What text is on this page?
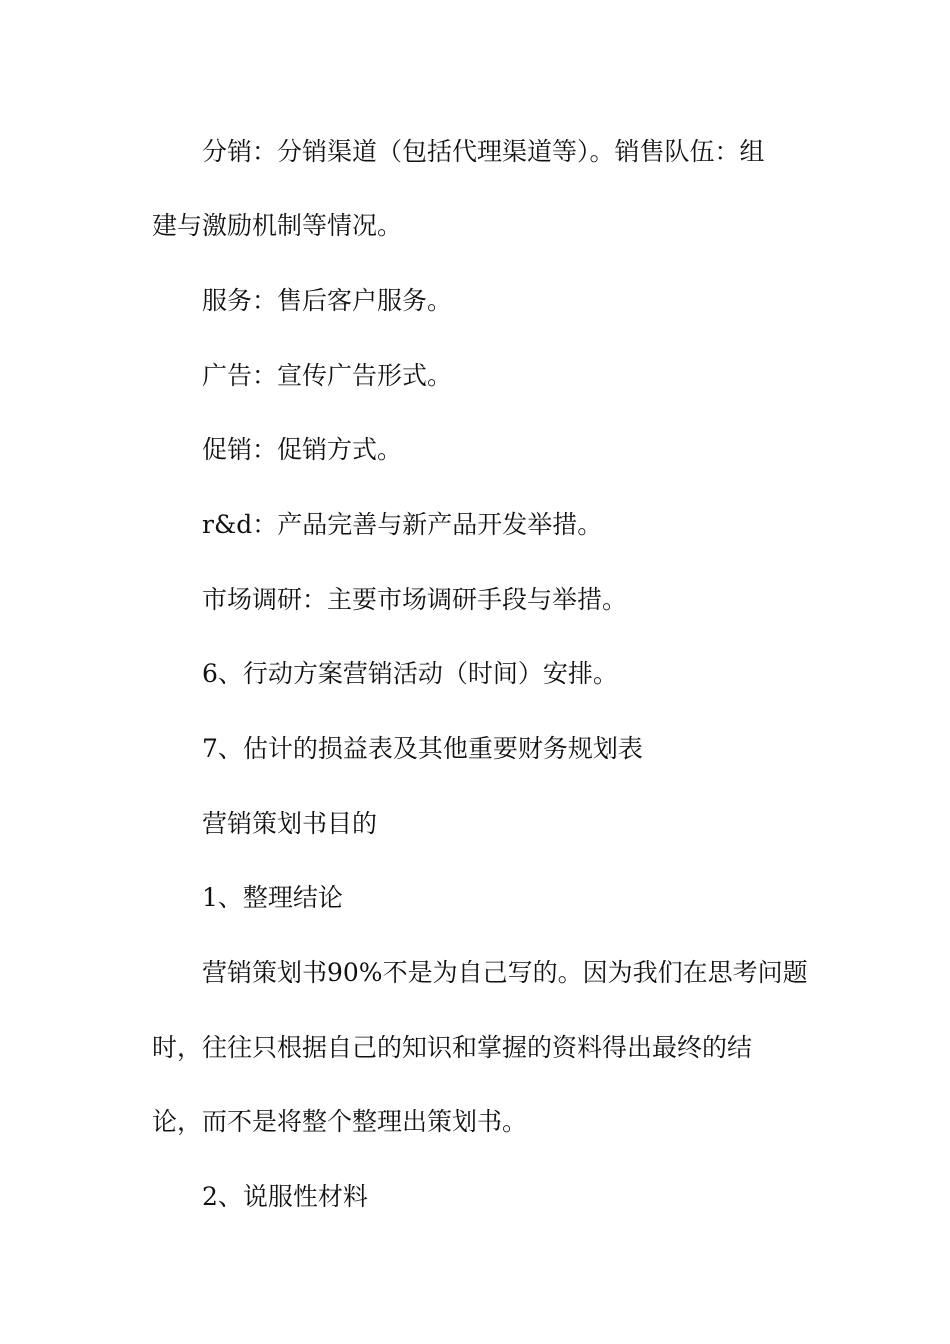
分销：分销渠道（包括代理渠道等）。销售队伍：组
建与激励机制等情况。
服务：售后客户服务。
广告：宣传广告形式。
促销：促销方式。
r&d：产品完善与新产品开发举措。
市场调研：主要市场调研手段与举措。
6、行动方案营销活动（时间）安排。
7、估计的损益表及其他重要财务规划表
营销策划书目的
1、整理结论
营销策划书90%不是为自己写的。因为我们在思考问题
时，往往只根据自己的知识和掌握的资料得出最终的结
论，而不是将整个整理出策划书。
2、说服性材料
